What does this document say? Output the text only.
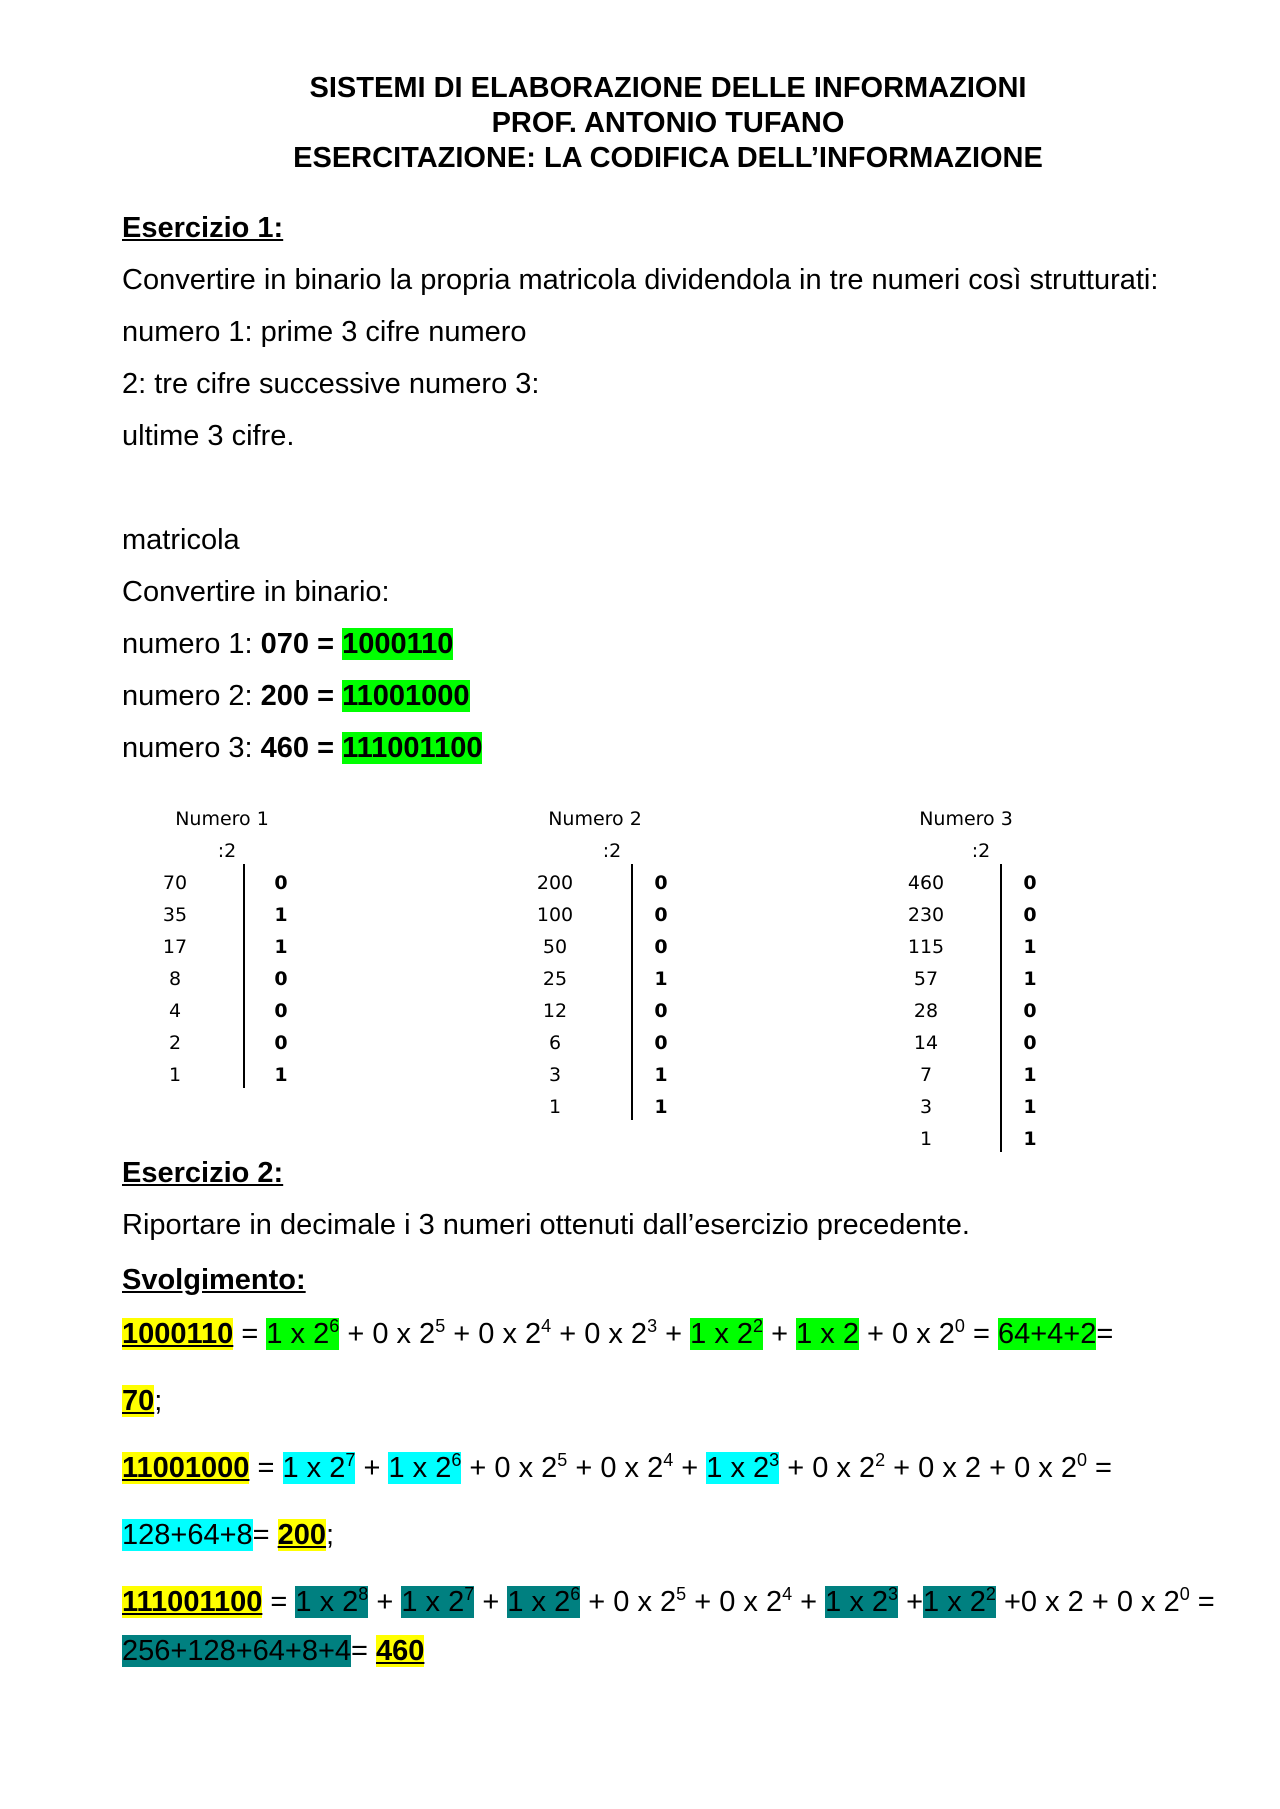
SISTEMI DI ELABORAZIONE DELLE INFORMAZIONI
PROF. ANTONIO TUFANO
ESERCITAZIONE: LA CODIFICA DELL’INFORMAZIONE
Esercizio 1:
Convertire in binario la propria matricola dividendola in tre numeri così strutturati:
numero 1: prime 3 cifre numero
2: tre cifre successive numero 3:
ultime 3 cifre.
matricola
Convertire in binario:
numero 1: 070 = 1000110
numero 2: 200 = 11001000
numero 3: 460 = 111001100
Numero 1
:2
70
35
17
8
4
2
1
0
1
1
0
0
0
1
Numero 2
:2
200
100
50
25
12
6
3
1
0
0
0
1
0
0
1
1
Numero 3
:2
460
230
115
57
28
14
7
3
1
0
0
1
1
0
0
1
1
1
Esercizio 2:
Riportare in decimale i 3 numeri ottenuti dall’esercizio precedente.
Svolgimento:
1000110 = 1 x $2^6 + 0$ x $2^5 + 0$ x $2^4 + 0$ x $2^3 + 1$ x $2^2 + 1$ x 2 + 0 x $2^0 = 64+4+2=$
70;
11001000 = 1 x $2^7 + 1$ x $2^6 + 0$ x $2^5 + 0$ x $2^4 + 1$ x $2^3 + 0$ x $2^2 + 0$ x 2 + 0 x $2^0$ =
128+64+8= 200;
111001100 = 1 x $2^8 + 1$ x $2^7 + 1$ x $2^6 + 0$ x $2^5 + 0$ x $2^4 + 1$ x $2^3 +1$ x $2^2 +0$ x 2 + 0 x $2^0$ =
256+128+64+8+4= 460
